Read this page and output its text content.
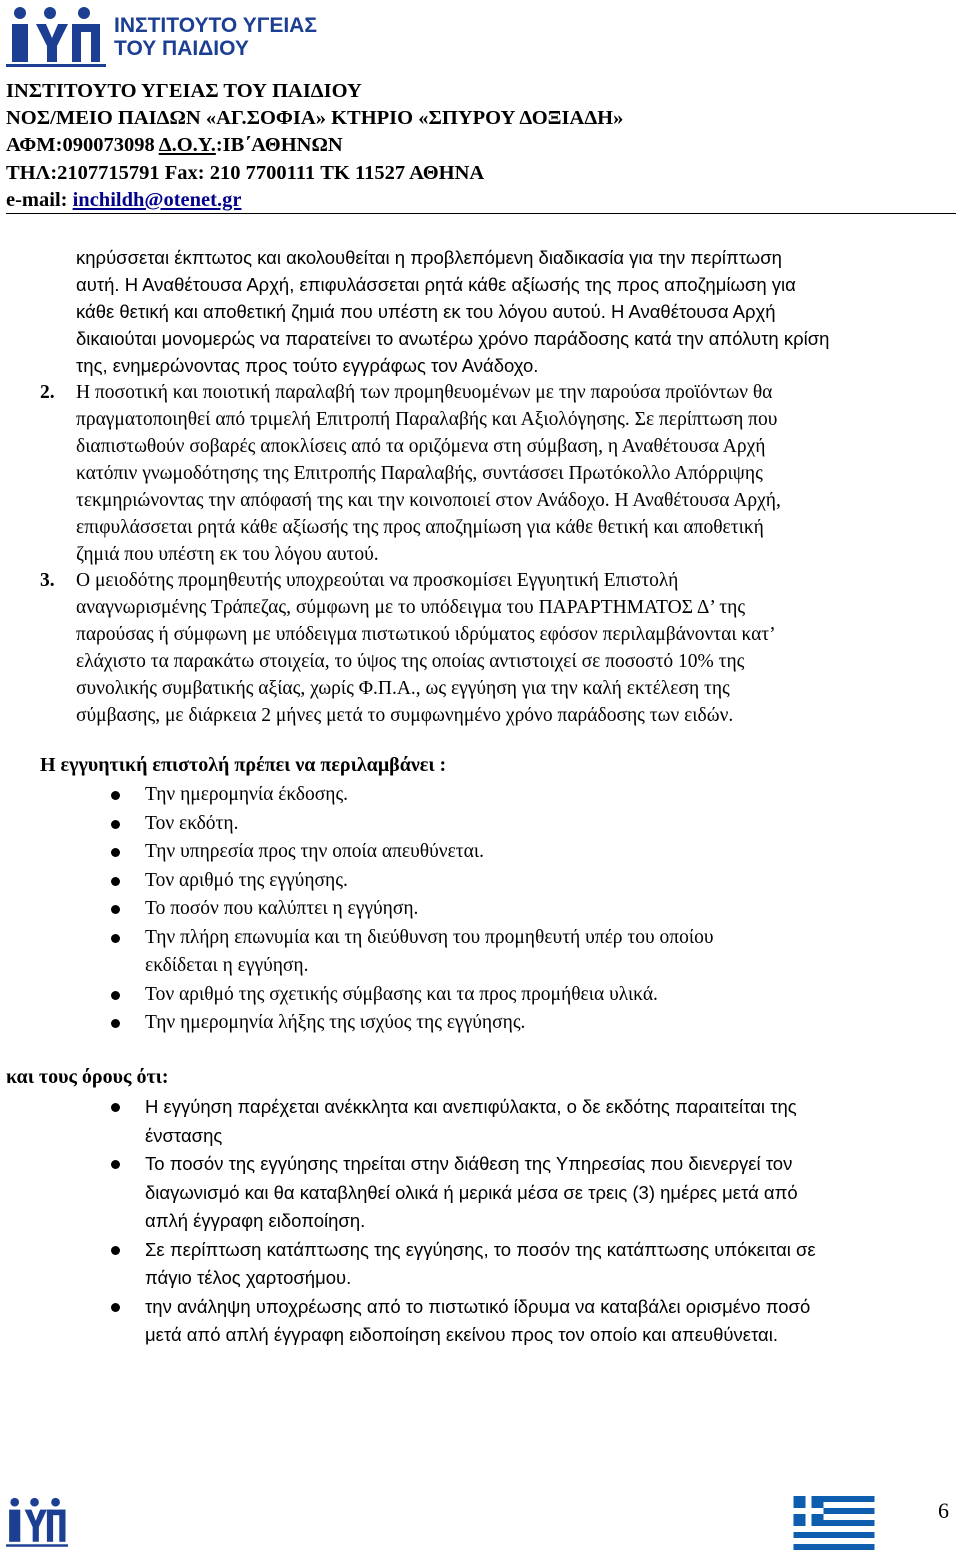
ΙΝΣΤΙΤΟΥΤΟ ΥΓΕΙΑΣ
ΤΟΥ ΠΑΙΔΙΟΥ
ΙΝΣΤΙΤΟΥΤΟ ΥΓΕΙΑΣ ΤΟΥ ΠΑΙΔΙΟΥ
ΝΟΣ/ΜΕΙΟ ΠΑΙΔΩΝ «ΑΓ.ΣΟΦΙΑ» ΚΤΗΡΙΟ «ΣΠΥΡΟΥ ΔΟΞΙΑΔΗ»
ΑΦΜ:090073098 Δ.Ο.Υ.:ΙΒ΄ΑΘΗΝΩΝ
ΤΗΛ:2107715791 Fax: 210 7700111 ΤΚ 11527 ΑΘΗΝΑ
e-mail: inchildh@otenet.gr
κηρύσσεται έκπτωτος και ακολουθείται η προβλεπόμενη διαδικασία για την περίπτωση
αυτή. Η Αναθέτουσα Αρχή, επιφυλάσσεται ρητά κάθε αξίωσής της προς αποζημίωση για
κάθε θετική και αποθετική ζημιά που υπέστη εκ του λόγου αυτού. Η Αναθέτουσα Αρχή
δικαιούται μονομερώς να παρατείνει το ανωτέρω χρόνο παράδοσης κατά την απόλυτη κρίση
της, ενημερώνοντας προς τούτο εγγράφως τον Ανάδοχο.
2.	Η ποσοτική και ποιοτική παραλαβή των προμηθευομένων με την παρούσα προϊόντων θα
πραγματοποιηθεί από τριμελή Επιτροπή Παραλαβής και Αξιολόγησης. Σε περίπτωση που
διαπιστωθούν σοβαρές αποκλίσεις από τα οριζόμενα στη σύμβαση, η Αναθέτουσα Αρχή
κατόπιν γνωμοδότησης της Επιτροπής Παραλαβής, συντάσσει Πρωτόκολλο Απόρριψης
τεκμηριώνοντας την απόφασή της και την κοινοποιεί στον Ανάδοχο. Η Αναθέτουσα Αρχή,
επιφυλάσσεται ρητά κάθε αξίωσής της προς αποζημίωση για κάθε θετική και αποθετική
ζημιά που υπέστη εκ του λόγου αυτού.
3.	Ο μειοδότης προμηθευτής υποχρεούται να προσκομίσει Εγγυητική Επιστολή
αναγνωρισμένης Τράπεζας, σύμφωνη με το υπόδειγμα του ΠΑΡΑΡΤΗΜΑΤΟΣ Δ’ της
παρούσας ή σύμφωνη με υπόδειγμα πιστωτικού ιδρύματος εφόσον περιλαμβάνονται κατ’
ελάχιστο τα παρακάτω στοιχεία, το ύψος της οποίας αντιστοιχεί σε ποσοστό 10% της
συνολικής συμβατικής αξίας, χωρίς Φ.Π.Α., ως εγγύηση για την καλή εκτέλεση της
σύμβασης, με διάρκεια 2 μήνες μετά το συμφωνημένο χρόνο παράδοσης των ειδών.
Η εγγυητική επιστολή πρέπει να περιλαμβάνει :
Την ημερομηνία έκδοσης.
Τον εκδότη.
Την υπηρεσία προς την οποία απευθύνεται.
Τον αριθμό της εγγύησης.
Το ποσόν που καλύπτει η εγγύηση.
Την πλήρη επωνυμία και τη διεύθυνση του προμηθευτή υπέρ του οποίου
εκδίδεται η εγγύηση.
Τον αριθμό της σχετικής σύμβασης και τα προς προμήθεια υλικά.
Την ημερομηνία λήξης της ισχύος της εγγύησης.
και τους όρους ότι:
Η εγγύηση παρέχεται ανέκκλητα και ανεπιφύλακτα, ο δε εκδότης παραιτείται της
ένστασης
Το ποσόν της εγγύησης τηρείται στην διάθεση της Υπηρεσίας που διενεργεί τον
διαγωνισμό και θα καταβληθεί ολικά ή μερικά μέσα σε τρεις (3) ημέρες μετά από
απλή έγγραφη ειδοποίηση.
Σε περίπτωση κατάπτωσης της εγγύησης, το ποσόν της κατάπτωσης υπόκειται σε
πάγιο τέλος χαρτοσήμου.
την ανάληψη υποχρέωσης από το πιστωτικό ίδρυμα να καταβάλει ορισμένο ποσό
μετά από απλή έγγραφη ειδοποίηση εκείνου προς τον οποίο και απευθύνεται.
6
